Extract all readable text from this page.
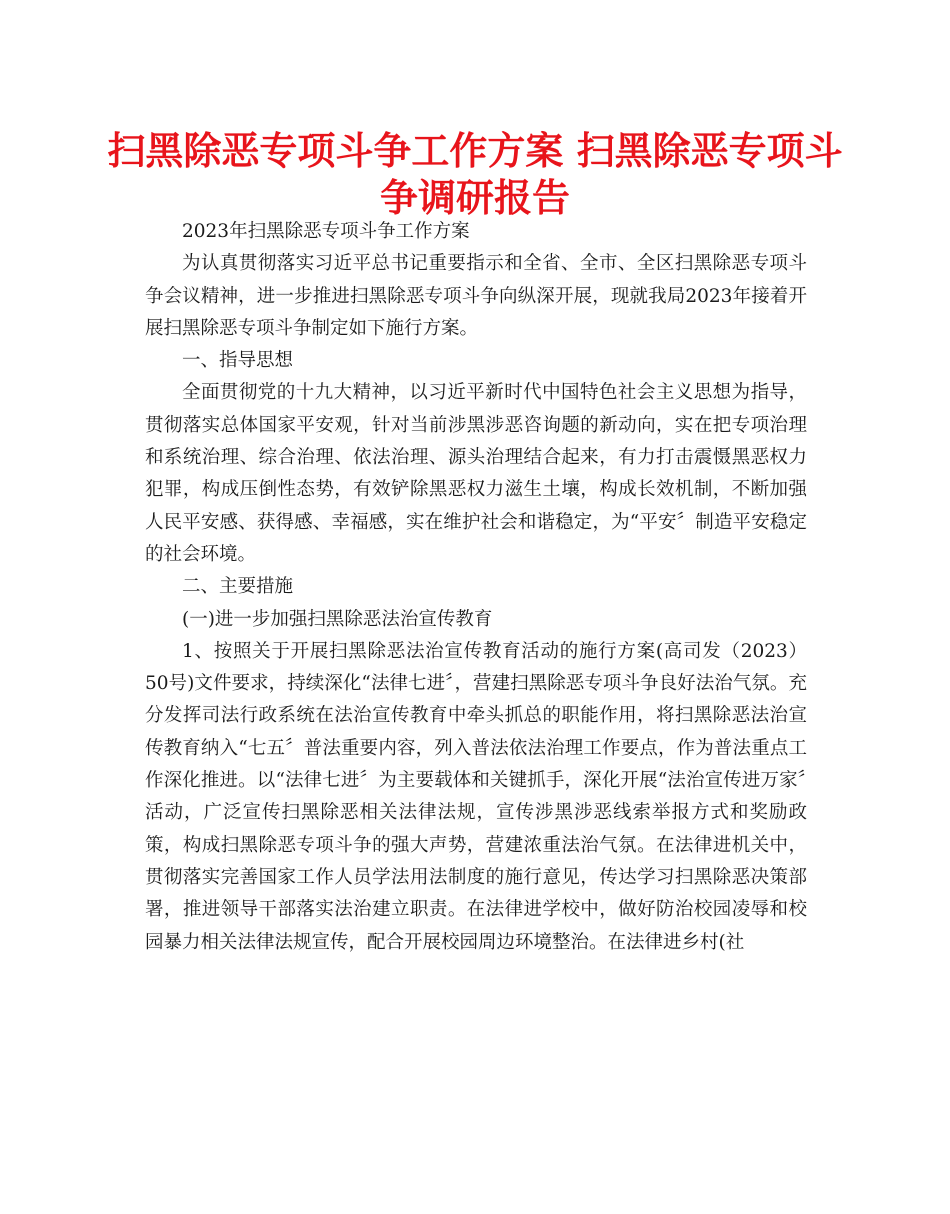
扫黑除恶专项斗争工作方案 扫黑除恶专项斗争调研报告

2023年扫黑除恶专项斗争工作方案

为认真贯彻落实习近平总书记重要指示和全省、全市、全区扫黑除恶专项斗争会议精神，进一步推进扫黑除恶专项斗争向纵深开展，现就我局2023年接着开展扫黑除恶专项斗争制定如下施行方案。

一、指导思想

全面贯彻党的十九大精神，以习近平新时代中国特色社会主义思想为指导，贯彻落实总体国家平安观，针对当前涉黑涉恶咨询题的新动向，实在把专项治理和系统治理、综合治理、依法治理、源头治理结合起来，有力打击震慑黑恶权力犯罪，构成压倒性态势，有效铲除黑恶权力滋生土壤，构成长效机制，不断加强人民平安感、获得感、幸福感，实在维护社会和谐稳定，为“平安〞制造平安稳定的社会环境。

二、主要措施

(一)进一步加强扫黑除恶法治宣传教育

1、按照关于开展扫黑除恶法治宣传教育活动的施行方案(高司发（2023）50号)文件要求，持续深化“法律七进〞，营建扫黑除恶专项斗争良好法治气氛。充分发挥司法行政系统在法治宣传教育中牵头抓总的职能作用，将扫黑除恶法治宣传教育纳入“七五〞普法重要内容，列入普法依法治理工作要点，作为普法重点工作深化推进。以“法律七进〞为主要载体和关键抓手，深化开展“法治宣传进万家〞活动，广泛宣传扫黑除恶相关法律法规，宣传涉黑涉恶线索举报方式和奖励政策，构成扫黑除恶专项斗争的强大声势，营建浓重法治气氛。在法律进机关中，贯彻落实完善国家工作人员学法用法制度的施行意见，传达学习扫黑除恶决策部署，推进领导干部落实法治建立职责。在法律进学校中，做好防治校园凌辱和校园暴力相关法律法规宣传，配合开展校园周边环境整治。在法律进乡村(社
